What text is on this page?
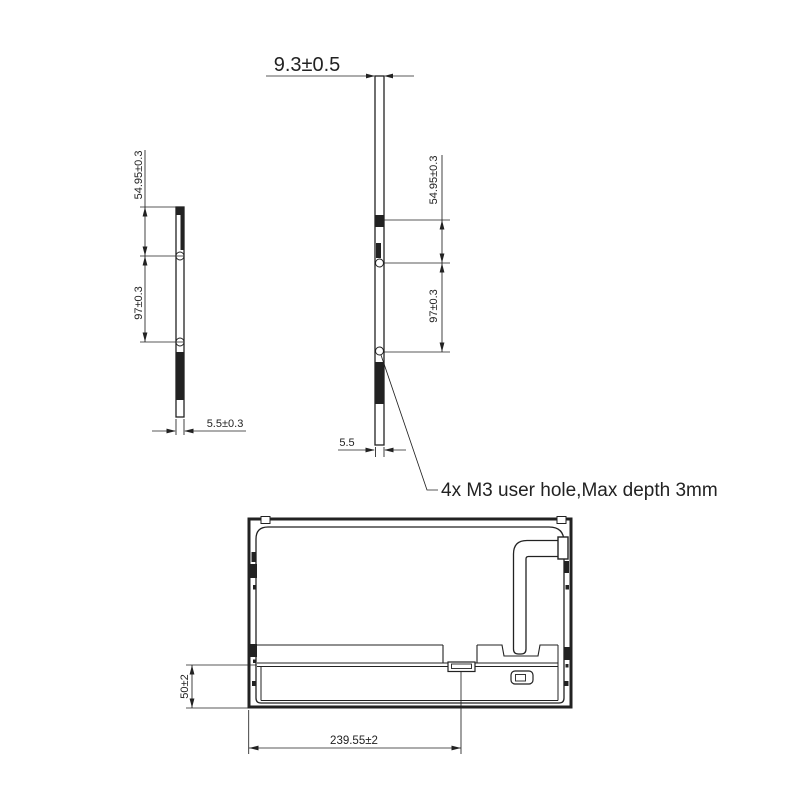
54.95±0.3
97±0.3
5.5±0.3
9.3±0.5
54.95±0.3
97±0.3
5.5
4x M3 user hole,Max depth 3mm
50±2
239.55±2
